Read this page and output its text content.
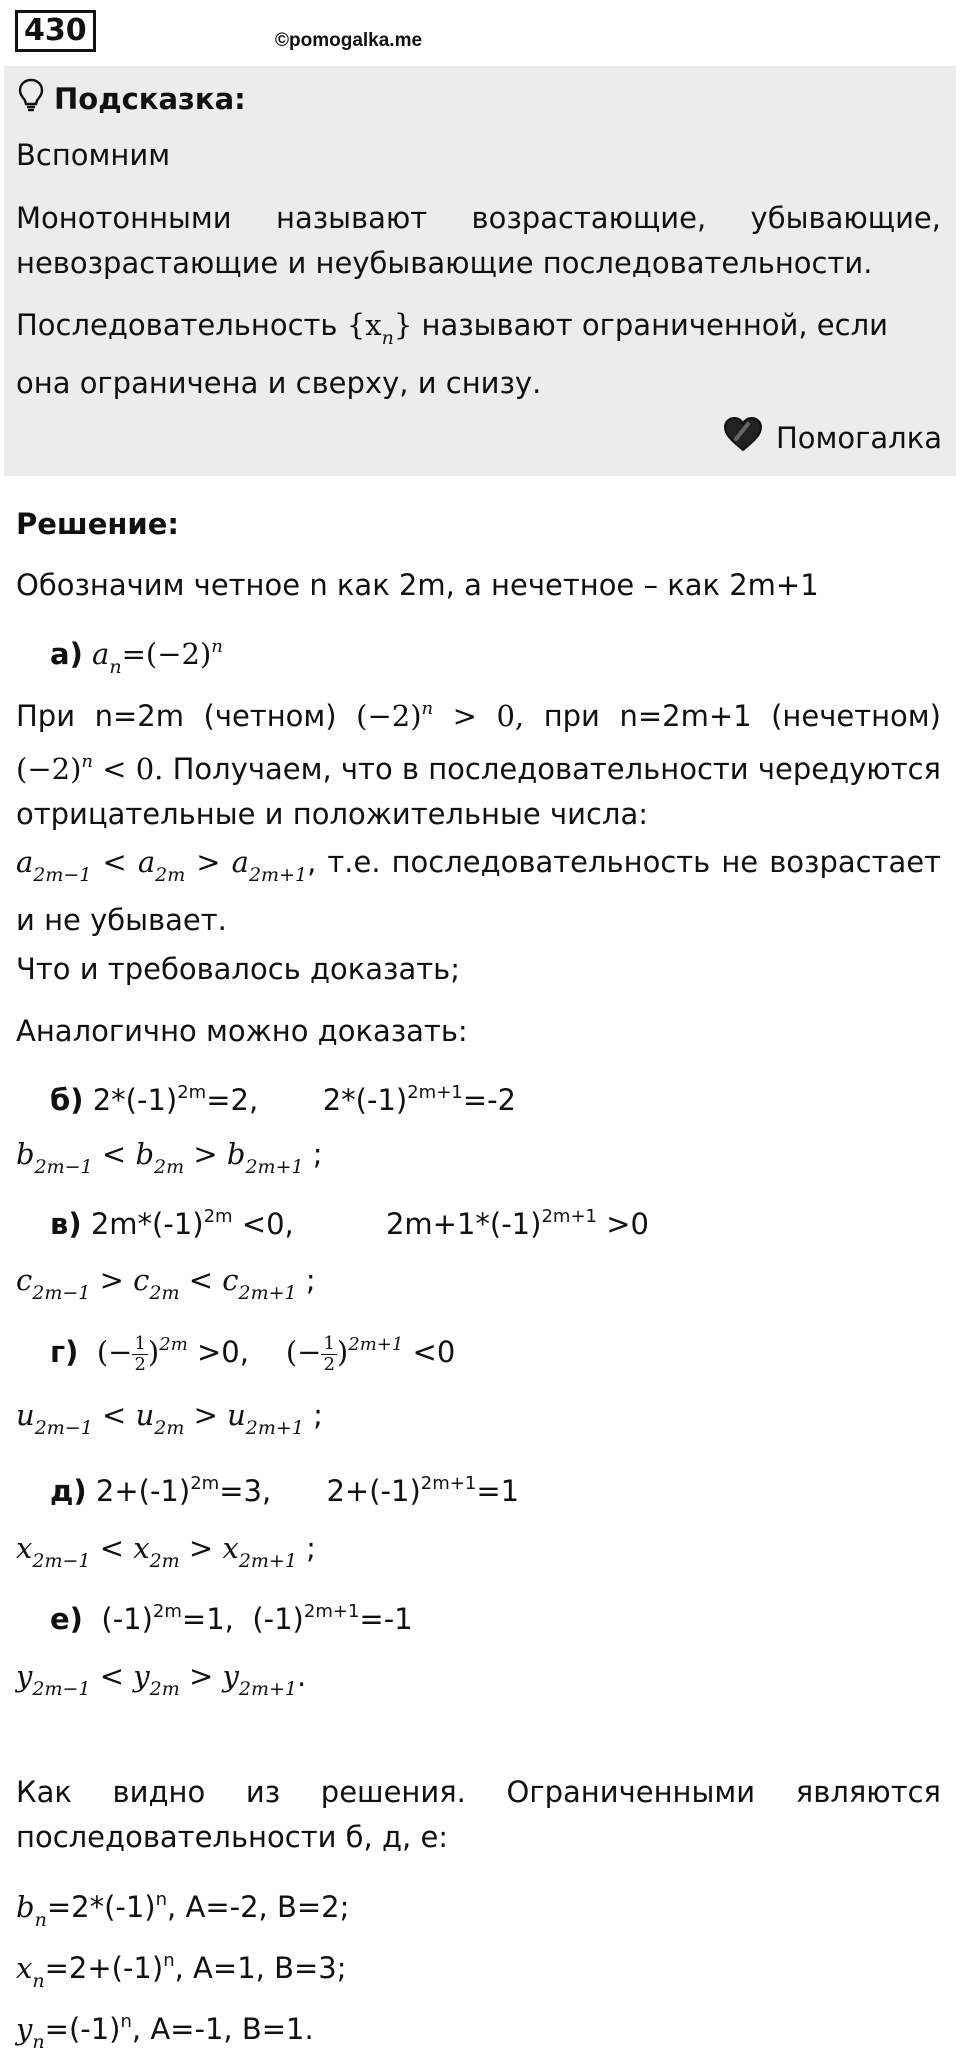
430	©pomogalka.me
Подсказка:
Вспомним
Монотонными называют возрастающие, убывающие, невозрастающие и неубывающие последовательности.
Последовательность $\{x_n\}$ называют ограниченной, если она ограничена и сверху, и снизу.
Помогалка
Решение:
Обозначим четное n как 2m, а нечетное – как 2m+1
а) $a_n=(-2)^n$
При n=2m (четном) $(-2)^n > 0$, при n=2m+1 (нечетном) $(-2)^n < 0$. Получаем, что в последовательности чередуются отрицательные и положительные числа:
$a_{2m-1} < a_{2m} > a_{2m+1}$, т.е. последовательность не возрастает и не убывает.
Что и требовалось доказать;
Аналогично можно доказать:
б) $2*(-1)^{2m}=2$, $2*(-1)^{2m+1}=-2$
$b_{2m-1} < b_{2m} > b_{2m+1}$ ;
в) $2m*(-1)^{2m} <0$,	$2m+1*(-1)^{2m+1} >0$
$c_{2m-1} > c_{2m} < c_{2m+1}$ ;
г) (− $\frac{1}{2} )^{2m} >0$, (− $\frac{1}{2} )^{2m+1} <0$
$u_{2m-1} < u_{2m} > u_{2m+1}$ ;
д) $2+(-1)^{2m}=3$, $2+(-1)^{2m+1}=1$
$x_{2m-1} < x_{2m} > x_{2m+1}$ ;
е) $(-1)^{2m}=1$, $(-1)^{2m+1}=-1$
$y_{2m-1} < y_{2m} > y_{2m+1}$.
Как видно из решения. Ограниченными являются последовательности б, д, е:
$b_n=2*(-1)^n$, A=-2, B=2;
$x_n=2+(-1)^n$, A=1, B=3;
$y_n=(-1)^n$, A=-1, B=1.
